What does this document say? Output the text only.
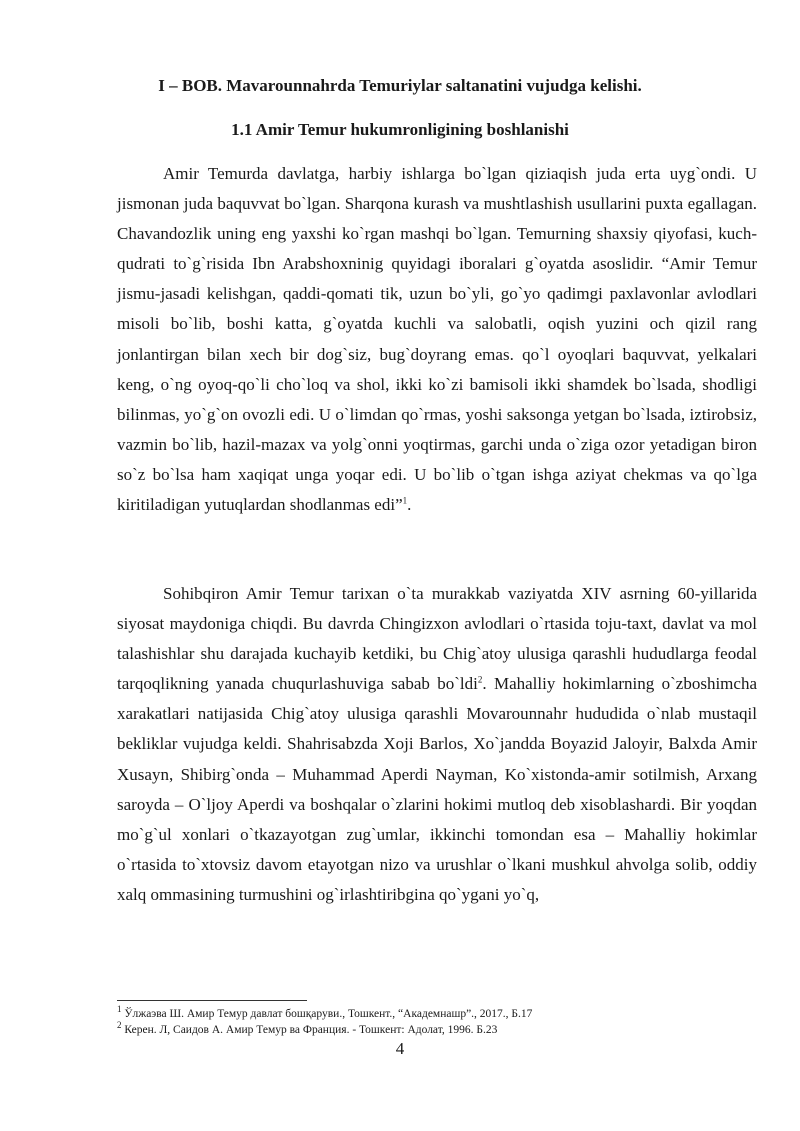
I – BOB. Mavarounnahrda Temuriylar saltanatini vujudga kelishi.
1.1 Amir Temur hukumronligining boshlanishi

Amir Temurda davlatga, harbiy ishlarga bo`lgan qiziaqish juda erta uyg`ondi. U jismonan juda baquvvat bo`lgan. Sharqona kurash va mushtlashish usullarini puxta egallagan. Chavandozlik uning eng yaxshi ko`rgan mashqi bo`lgan. Temurning shaxsiy qiyofasi, kuch-qudrati to`g`risida Ibn Arabshoxninig quyidagi iboralari g`oyatda asoslidir. “Amir Temur jismu-jasadi kelishgan, qaddi-qomati tik, uzun bo`yli, go`yo qadimgi paxlavonlar avlodlari misoli bo`lib, boshi katta, g`oyatda kuchli va salobatli, oqish yuzini och qizil rang jonlantirgan bilan xech bir dog`siz, bug`doyrang emas. qo`l oyoqlari baquvvat, yelkalari keng, o`ng oyoq-qo`li cho`loq va shol, ikki ko`zi bamisoli ikki shamdek bo`lsada, shodligi bilinmas, yo`g`on ovozli edi. U o`limdan qo`rmas, yoshi saksonga yetgan bo`lsada, iztirobsiz, vazmin bo`lib, hazil-mazax va yolg`onni yoqtirmas, garchi unda o`ziga ozor yetadigan biron so`z bo`lsa ham xaqiqat unga yoqar edi. U bo`lib o`tgan ishga aziyat chekmas va qo`lga kiritiladigan yutuqlardan shodlanmas edi”$^1$.

Sohibqiron Amir Temur tarixan o`ta murakkab vaziyatda XIV asrning 60-yillarida siyosat maydoniga chiqdi. Bu davrda Chingizxon avlodlari o`rtasida toju-taxt, davlat va mol talashishlar shu darajada kuchayib ketdiki, bu Chig`atoy ulusiga qarashli hududlarga feodal tarqoqlikning yanada chuqurlashuviga sabab bo`ldi$^2$. Mahalliy hokimlarning o`zboshimcha xarakatlari natijasida Chig`atoy ulusiga qarashli Movarounnahr hududida o`nlab mustaqil bekliklar vujudga keldi. Shahrisabzda Xoji Barlos, Xo`jandda Boyazid Jaloyir, Balxda Amir Xusayn, Shibirg`onda – Muhammad Aperdi Nayman, Ko`xistonda-amir sotilmish, Arxang saroyda – O`ljoy Aperdi va boshqalar o`zlarini hokimi mutloq deb xisoblashardi. Bir yoqdan mo`g`ul xonlari o`tkazayotgan zug`umlar, ikkinchi tomondan esa – Mahalliy hokimlar o`rtasida to`xtovsiz davom etayotgan nizo va urushlar o`lkani mushkul ahvolga solib, oddiy xalq ommasining turmushini og`irlashtiribgina qo`ygani yo`q,

$^1$ Ўлжаэва Ш. Амир Темур давлат бошқаруви., Тошкент., “Академнашр”., 2017., Б.17
$^2$ Керен. Л, Саидов А. Амир Темур ва Франция. - Тошкент: Адолат, 1996. Б.23
4
